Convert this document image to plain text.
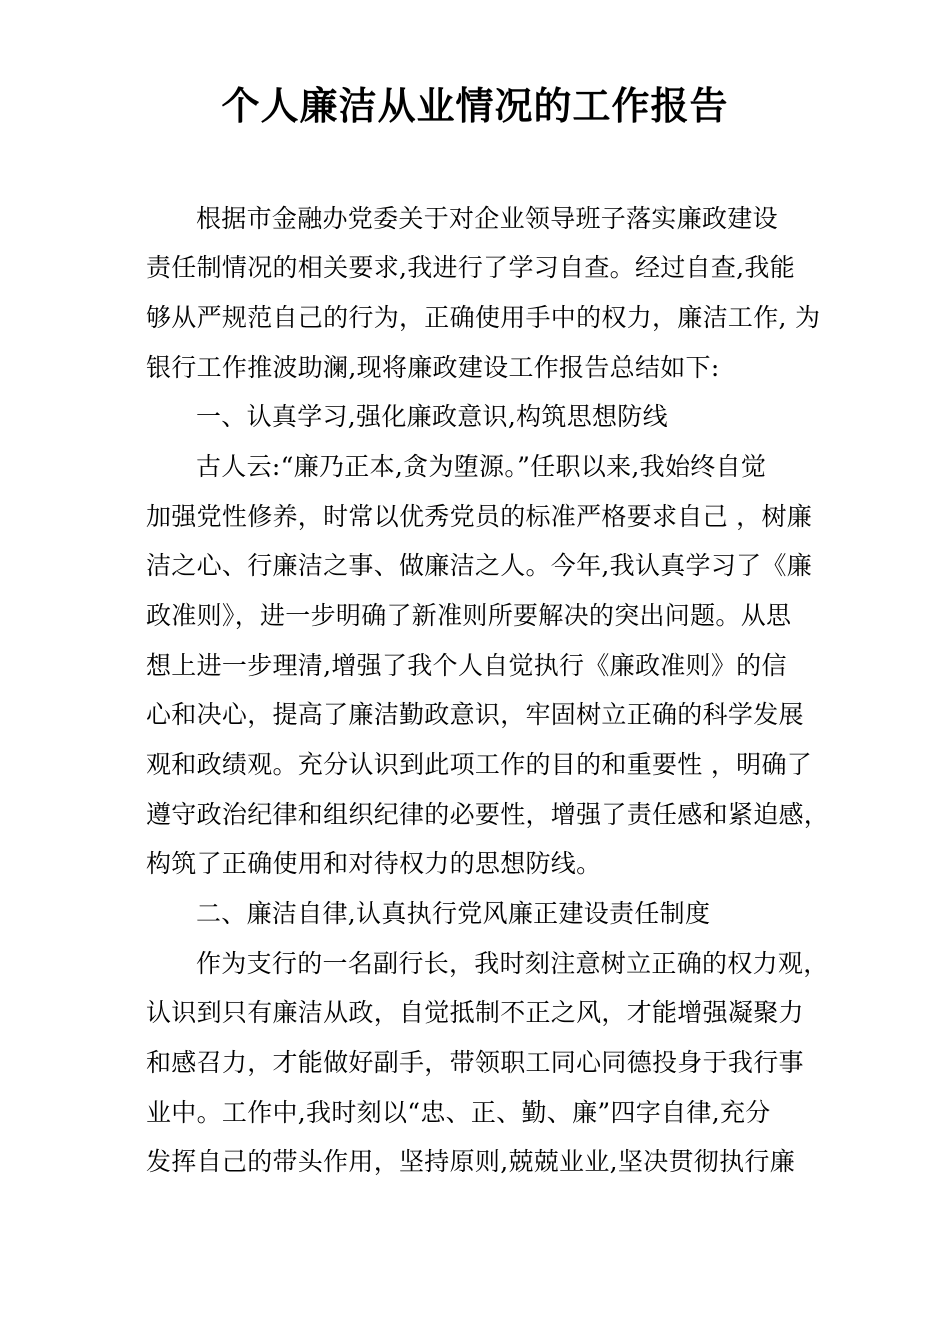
个人廉洁从业情况的工作报告
根据市金融办党委关于对企业领导班子落实廉政建设
责任制情况的相关要求,我进行了学习自查。经过自查,我能
够从严规范自己的行为，正确使用手中的权力，廉洁工作, 为
银行工作推波助澜,现将廉政建设工作报告总结如下:
一、认真学习,强化廉政意识,构筑思想防线
古人云:“廉乃正本,贪为堕源。”任职以来,我始终自觉
加强党性修养，时常以优秀党员的标准严格要求自己 ，树廉
洁之心、行廉洁之事、做廉洁之人。今年,我认真学习了《廉
政准则》，进一步明确了新准则所要解决的突出问题。从思
想上进一步理清,增强了我个人自觉执行《廉政准则》的信
心和决心，提高了廉洁勤政意识，牢固树立正确的科学发展
观和政绩观。充分认识到此项工作的目的和重要性 ，明确了
遵守政治纪律和组织纪律的必要性，增强了责任感和紧迫感，
构筑了正确使用和对待权力的思想防线。
二、廉洁自律,认真执行党风廉正建设责任制度
作为支行的一名副行长，我时刻注意树立正确的权力观，
认识到只有廉洁从政，自觉抵制不正之风，才能增强凝聚力
和感召力，才能做好副手，带领职工同心同德投身于我行事
业中。工作中,我时刻以“忠、正、勤、廉”四字自律,充分
发挥自己的带头作用，坚持原则,兢兢业业,坚决贯彻执行廉
